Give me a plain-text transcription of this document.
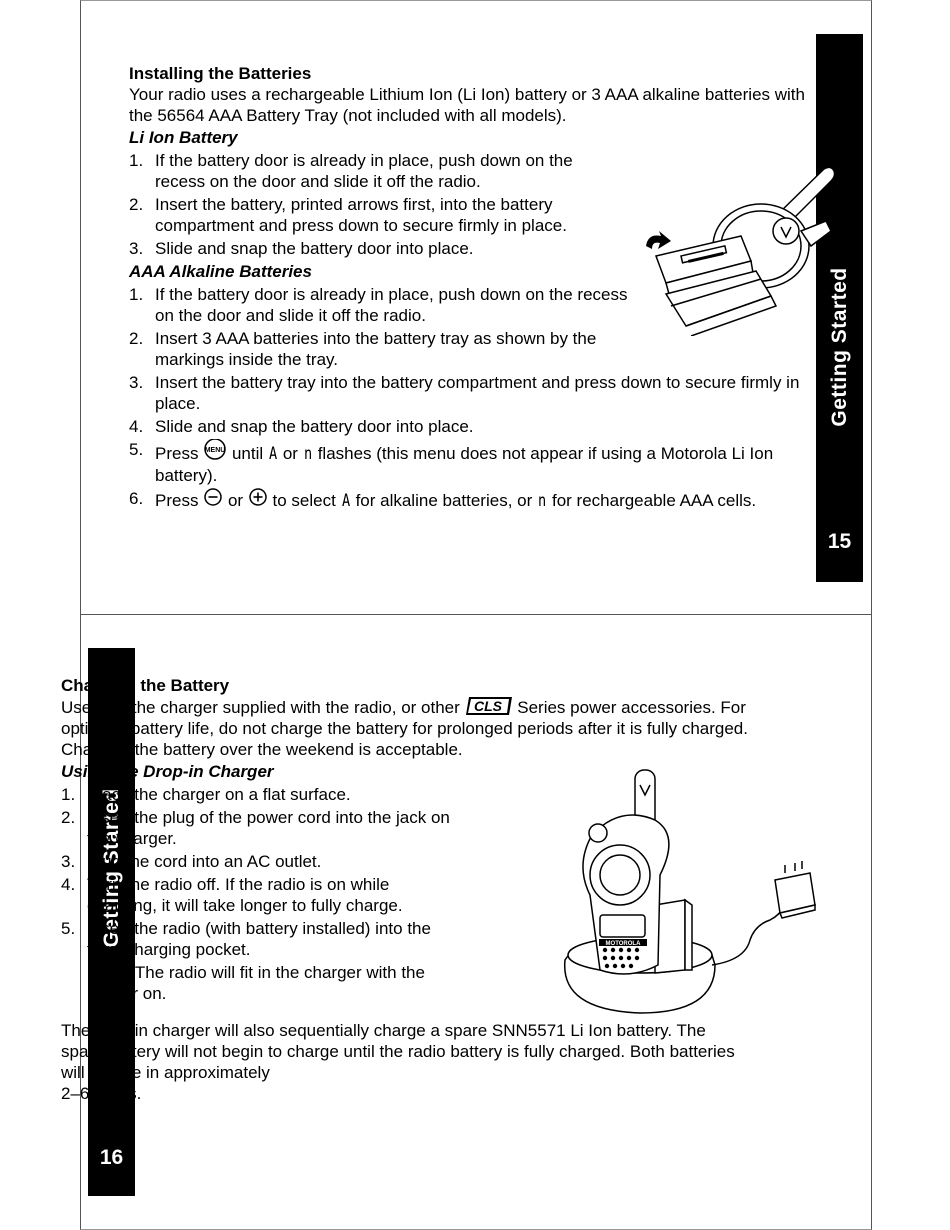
Getting Started
15
Installing the Batteries

Your radio uses a rechargeable Lithium Ion (Li Ion) battery or 3 AAA alkaline batteries with the 56564 AAA Battery Tray (not included with all models).

Li Ion Battery
1. If the battery door is already in place, push down on the recess on the door and slide it off the radio.
2. Insert the battery, printed arrows first, into the battery compartment and press down to secure firmly in place.
3. Slide and snap the battery door into place.
AAA Alkaline Batteries
1. If the battery door is already in place, push down on the recess on the door and slide it off the radio.
2. Insert 3 AAA batteries into the battery tray as shown by the markings inside the tray.
3. Insert the battery tray into the battery compartment and press down to secure firmly in place.
4. Slide and snap the battery door into place.
5. Press MENU until A or n flashes (this menu does not appear if using a Motorola Li Ion battery).
6. Press or to select A for alkaline batteries, or n for rechargeable AAA cells.
Getting Started
16
Charging the Battery

Use only the charger supplied with the radio, or other CLS Series power accessories. For optimum battery life, do not charge the battery for prolonged periods after it is fully charged. Charging the battery over the weekend is acceptable.

Using the Drop-in Charger
1. Place the charger on a flat surface.
2. Insert the plug of the power cord into the jack on the charger.
3. Plug the cord into an AC outlet.
4. Turn the radio off. If the radio is on while charging, it will take longer to fully charge.
5. Insert the radio (with battery installed) into the front charging pocket.
Note: The radio will fit in the charger with the holster on.

The drop-in charger will also sequentially charge a spare SNN5571 Li Ion battery. The spare battery will not begin to charge until the radio battery is fully charged. Both batteries will charge in approximately
2–6 hours.

MOTOROLA
